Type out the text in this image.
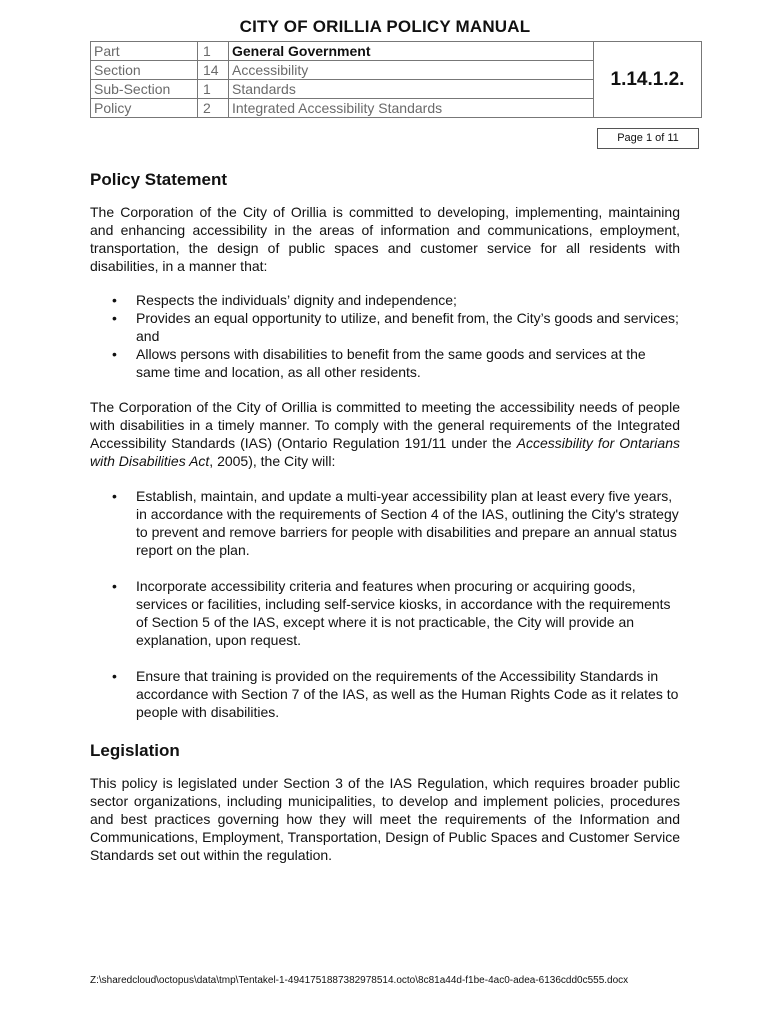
CITY OF ORILLIA POLICY MANUAL
Part	1	General Government	1.14.1.2.
Section	14	Accessibility	
Sub-Section	1	Standards	
Policy	2	Integrated Accessibility Standards	
Page 1 of 11
Policy Statement

The Corporation of the City of Orillia is committed to developing, implementing, maintaining and enhancing accessibility in the areas of information and communications, employment, transportation, the design of public spaces and customer service for all residents with disabilities, in a manner that:

• Respects the individuals’ dignity and independence;
• Provides an equal opportunity to utilize, and benefit from, the City’s goods and services; and
• Allows persons with disabilities to benefit from the same goods and services at the same time and location, as all other residents.

The Corporation of the City of Orillia is committed to meeting the accessibility needs of people with disabilities in a timely manner. To comply with the general requirements of the Integrated Accessibility Standards (IAS) (Ontario Regulation 191/11 under the Accessibility for Ontarians with Disabilities Act, 2005), the City will:

• Establish, maintain, and update a multi-year accessibility plan at least every five years, in accordance with the requirements of Section 4 of the IAS, outlining the City's strategy to prevent and remove barriers for people with disabilities and prepare an annual status report on the plan.
• Incorporate accessibility criteria and features when procuring or acquiring goods, services or facilities, including self-service kiosks, in accordance with the requirements of Section 5 of the IAS, except where it is not practicable, the City will provide an explanation, upon request.
• Ensure that training is provided on the requirements of the Accessibility Standards in accordance with Section 7 of the IAS, as well as the Human Rights Code as it relates to people with disabilities.
Legislation

This policy is legislated under Section 3 of the IAS Regulation, which requires broader public sector organizations, including municipalities, to develop and implement policies, procedures and best practices governing how they will meet the requirements of the Information and Communications, Employment, Transportation, Design of Public Spaces and Customer Service Standards set out within the regulation.

Z:\sharedcloud\octopus\data\tmp\Tentakel-1-4941751887382978514.octo\8c81a44d-f1be-4ac0-adea-6136cdd0c555.docx
